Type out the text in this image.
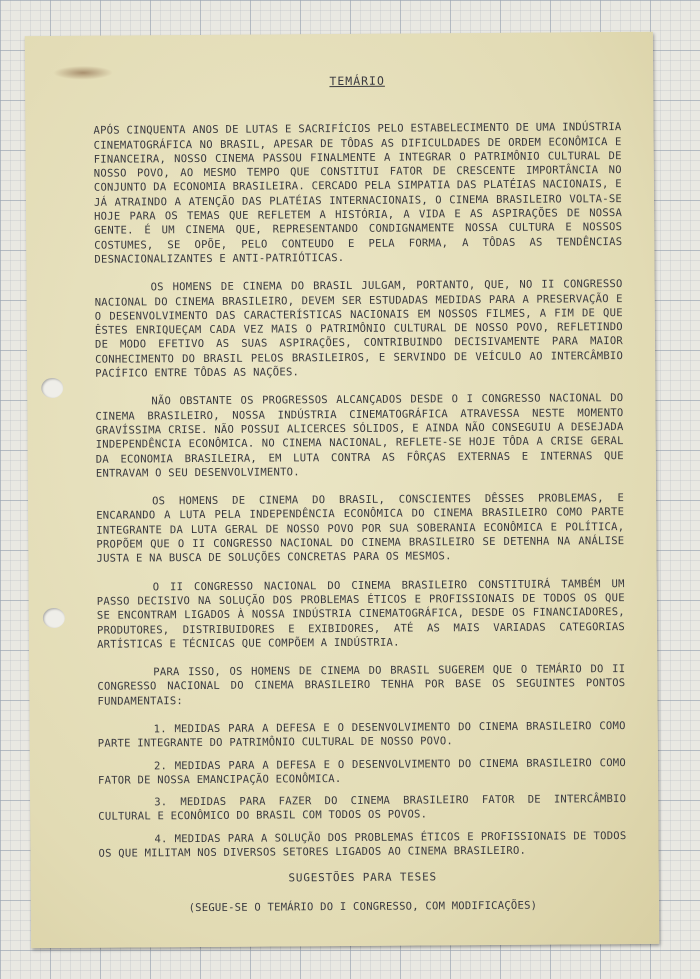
TEMÁRIO

APÓS CINQUENTA ANOS DE LUTAS E SACRIFÍCIOS PELO ESTABELECIMENTO DE UMA INDÚSTRIA CINEMATOGRÁFICA NO BRASIL, APESAR DE TÔDAS AS DIFICULDADES DE ORDEM ECONÔMICA E FINANCEIRA, NOSSO CINEMA PASSOU FINALMENTE A INTEGRAR O PATRIMÔNIO CULTURAL DE NOSSO POVO, AO MESMO TEMPO QUE CONSTITUI FATOR DE CRESCENTE IMPORTÂNCIA NO CONJUNTO DA ECONOMIA BRASILEIRA. CERCADO PELA SIMPATIA DAS PLATÉIAS NACIONAIS, E JÁ ATRAINDO A ATENÇÃO DAS PLATÉIAS INTERNACIONAIS, O CINEMA BRASILEIRO VOLTA-SE HOJE PARA OS TEMAS QUE REFLETEM A HISTÓRIA, A VIDA E AS ASPIRAÇÕES DE NOSSA GENTE. É UM CINEMA QUE, REPRESENTANDO CONDIGNAMENTE NOSSA CULTURA E NOSSOS COSTUMES, SE OPÕE, PELO CONTEUDO E PELA FORMA, A TÔDAS AS TENDÊNCIAS DESNACIONALIZANTES E ANTI-PATRIÓTICAS.

OS HOMENS DE CINEMA DO BRASIL JULGAM, PORTANTO, QUE, NO II CONGRESSO NACIONAL DO CINEMA BRASILEIRO, DEVEM SER ESTUDADAS MEDIDAS PARA A PRESERVAÇÃO E O DESENVOLVIMENTO DAS CARACTERÍSTICAS NACIONAIS EM NOSSOS FILMES, A FIM DE QUE ÊSTES ENRIQUEÇAM CADA VEZ MAIS O PATRIMÔNIO CULTURAL DE NOSSO POVO, REFLETINDO DE MODO EFETIVO AS SUAS ASPIRAÇÕES, CONTRIBUINDO DECISIVAMENTE PARA MAIOR CONHECIMENTO DO BRASIL PELOS BRASILEIROS, E SERVINDO DE VEÍCULO AO INTERCÂMBIO PACÍFICO ENTRE TÔDAS AS NAÇÕES.

NÃO OBSTANTE OS PROGRESSOS ALCANÇADOS DESDE O I CONGRESSO NACIONAL DO CINEMA BRASILEIRO, NOSSA INDÚSTRIA CINEMATOGRÁFICA ATRAVESSA NESTE MOMENTO GRAVÍSSIMA CRISE. NÃO POSSUI ALICERCES SÓLIDOS, E AINDA NÃO CONSEGUIU A DESEJADA INDEPENDÊNCIA ECONÔMICA. NO CINEMA NACIONAL, REFLETE-SE HOJE TÔDA A CRISE GERAL DA ECONOMIA BRASILEIRA, EM LUTA CONTRA AS FÔRÇAS EXTERNAS E INTERNAS QUE ENTRAVAM O SEU DESENVOLVIMENTO.

OS HOMENS DE CINEMA DO BRASIL, CONSCIENTES DÊSSES PROBLEMAS, E ENCARANDO A LUTA PELA INDEPENDÊNCIA ECONÔMICA DO CINEMA BRASILEIRO COMO PARTE INTEGRANTE DA LUTA GERAL DE NOSSO POVO POR SUA SOBERANIA ECONÔMICA E POLÍTICA, PROPÕEM QUE O II CONGRESSO NACIONAL DO CINEMA BRASILEIRO SE DETENHA NA ANÁLISE JUSTA E NA BUSCA DE SOLUÇÕES CONCRETAS PARA OS MESMOS.

O II CONGRESSO NACIONAL DO CINEMA BRASILEIRO CONSTITUIRÁ TAMBÉM UM PASSO DECISIVO NA SOLUÇÃO DOS PROBLEMAS ÉTICOS E PROFISSIONAIS DE TODOS OS QUE SE ENCONTRAM LIGADOS À NOSSA INDÚSTRIA CINEMATOGRÁFICA, DESDE OS FINANCIADORES, PRODUTORES, DISTRIBUIDORES E EXIBIDORES, ATÉ AS MAIS VARIADAS CATEGORIAS ARTÍSTICAS E TÉCNICAS QUE COMPÕEM A INDÚSTRIA.

PARA ISSO, OS HOMENS DE CINEMA DO BRASIL SUGEREM QUE O TEMÁRIO DO II CONGRESSO NACIONAL DO CINEMA BRASILEIRO TENHA POR BASE OS SEGUINTES PONTOS FUNDAMENTAIS:

1. MEDIDAS PARA A DEFESA E O DESENVOLVIMENTO DO CINEMA BRASILEIRO COMO PARTE INTEGRANTE DO PATRIMÔNIO CULTURAL DE NOSSO POVO.

2. MEDIDAS PARA A DEFESA E O DESENVOLVIMENTO DO CINEMA BRASILEIRO COMO FATOR DE NOSSA EMANCIPAÇÃO ECONÔMICA.

3. MEDIDAS PARA FAZER DO CINEMA BRASILEIRO FATOR DE INTERCÂMBIO CULTURAL E ECONÔMICO DO BRASIL COM TODOS OS POVOS.

4. MEDIDAS PARA A SOLUÇÃO DOS PROBLEMAS ÉTICOS E PROFISSIONAIS DE TODOS OS QUE MILITAM NOS DIVERSOS SETORES LIGADOS AO CINEMA BRASILEIRO.

SUGESTÕES PARA TESES

(SEGUE-SE O TEMÁRIO DO I CONGRESSO, COM MODIFICAÇÕES)
